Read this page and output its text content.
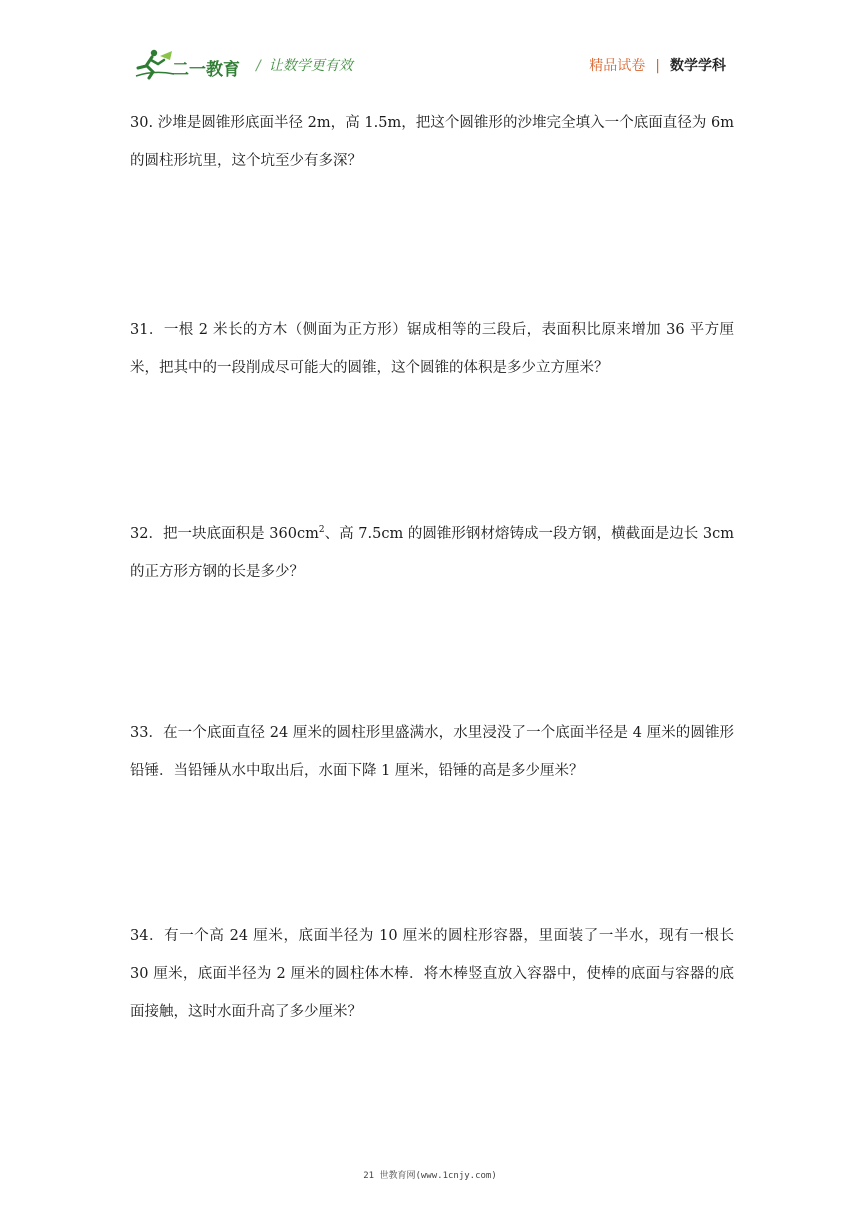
二一教育 / 让数学更有效	精品试卷 | 数学学科
30. 沙堆是圆锥形底面半径 2m，高 1.5m，把这个圆锥形的沙堆完全填入一个底面直径为 6m 的圆柱形坑里，这个坑至少有多深？
31．一根 2 米长的方木（侧面为正方形）锯成相等的三段后，表面积比原来增加 36 平方厘米，把其中的一段削成尽可能大的圆锥，这个圆锥的体积是多少立方厘米？
32．把一块底面积是 $360cm^2$、高 7.5cm 的圆锥形钢材熔铸成一段方钢，横截面是边长 3cm 的正方形方钢的长是多少？
33．在一个底面直径 24 厘米的圆柱形里盛满水，水里浸没了一个底面半径是 4 厘米的圆锥形铅锤．当铅锤从水中取出后，水面下降 1 厘米，铅锤的高是多少厘米？
34．有一个高 24 厘米，底面半径为 10 厘米的圆柱形容器，里面装了一半水，现有一根长 30 厘米，底面半径为 2 厘米的圆柱体木棒．将木棒竖直放入容器中，使棒的底面与容器的底面接触，这时水面升高了多少厘米？
21 世教育网(www.1cnjy.com)
